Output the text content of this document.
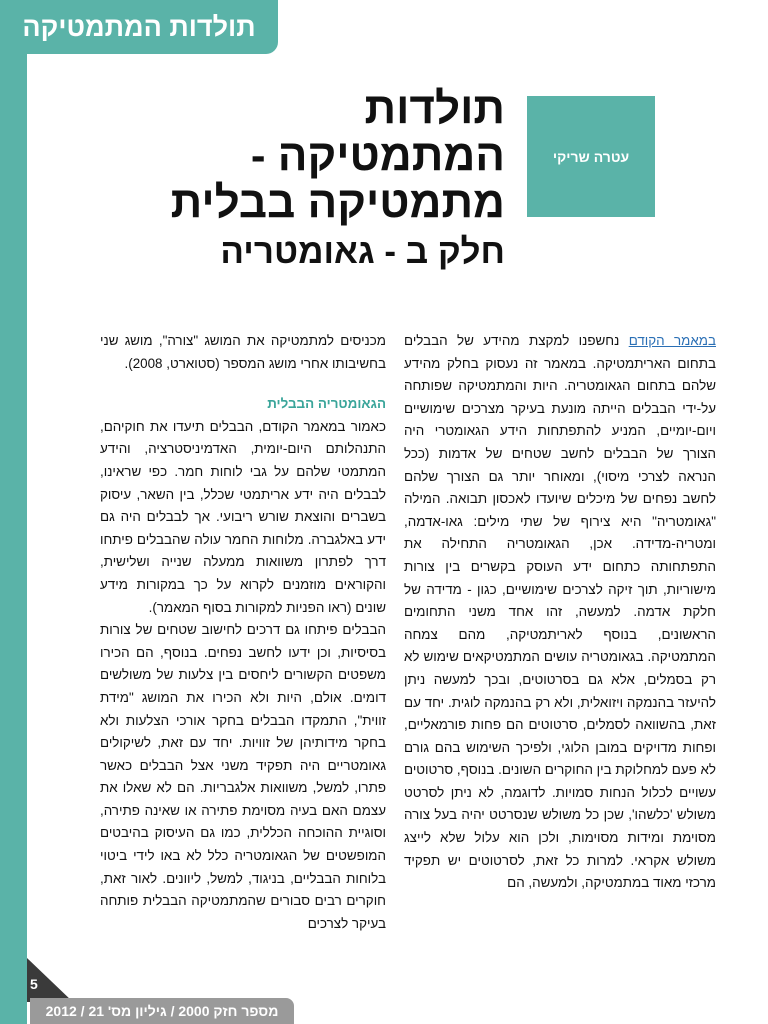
תולדות המתמטיקה
תולדות המתמטיקה - מתמטיקה בבלית
חלק ב - גאומטריה
עטרה שריקי

במאמר הקודם נחשפנו למקצת מהידע של הבבלים בתחום האריתמטיקה. במאמר זה נעסוק בחלק מהידע שלהם בתחום הגאומטריה. היות והמתמטיקה שפותחה על-ידי הבבלים הייתה מונעת בעיקר מצרכים שימושיים ויום-יומיים, המניע להתפתחות הידע הגאומטרי היה הצורך של הבבלים לחשב שטחים של אדמות (ככל הנראה לצרכי מיסוי), ומאוחר יותר גם הצורך שלהם לחשב נפחים של מיכלים שיועדו לאכסון תבואה. המילה "גאומטריה" היא צירוף של שתי מילים: גאו-אדמה, ומטריה-מדידה. אכן, הגאומטריה התחילה את התפתחותה כתחום ידע העוסק בקשרים בין צורות מישוריות, תוך זיקה לצרכים שימושיים, כגון - מדידה של חלקת אדמה. למעשה, זהו אחד משני התחומים הראשונים, בנוסף לאריתמטיקה, מהם צמחה המתמטיקה. בגאומטריה עושים המתמטיקאים שימוש לא רק בסמלים, אלא גם בסרטוטים, ובכך למעשה ניתן להיעזר בהנמקה ויזואלית, ולא רק בהנמקה לוגית. יחד עם זאת, בהשוואה לסמלים, סרטוטים הם פחות פורמאליים, ופחות מדויקים במובן הלוגי, ולפיכך השימוש בהם גורם לא פעם למחלוקת בין החוקרים השונים. בנוסף, סרטוטים עשויים לכלול הנחות סמויות. לדוגמה, לא ניתן לסרטט משולש 'כלשהו', שכן כל משולש שנסרטט יהיה בעל צורה מסוימת ומידות מסוימות, ולכן הוא עלול שלא לייצג משולש אקראי. למרות כל זאת, לסרטוטים יש תפקיד מרכזי מאוד במתמטיקה, ולמעשה, הם

מכניסים למתמטיקה את המושג "צורה", מושג שני בחשיבותו אחרי מושג המספר (סטוארט, 2008).

הגאומטריה הבבלית

כאמור במאמר הקודם, הבבלים תיעדו את חוקיהם, התנהלותם היום-יומית, האדמיניסטרציה, והידע המתמטי שלהם על גבי לוחות חמר. כפי שראינו, לבבלים היה ידע אריתמטי שכלל, בין השאר, עיסוק בשברים והוצאת שורש ריבועי. אך לבבלים היה גם ידע באלגברה. מלוחות החמר עולה שהבבלים פיתחו דרך לפתרון משוואות ממעלה שנייה ושלישית, והקוראים מוזמנים לקרוא על כך במקורות מידע שונים (ראו הפניות למקורות בסוף המאמר).

הבבלים פיתחו גם דרכים לחישוב שטחים של צורות בסיסיות, וכן ידעו לחשב נפחים. בנוסף, הם הכירו משפטים הקשורים ליחסים בין צלעות של משולשים דומים. אולם, היות ולא הכירו את המושג "מידת זווית", התמקדו הבבלים בחקר אורכי הצלעות ולא בחקר מידותיהן של זוויות. יחד עם זאת, לשיקולים גאומטריים היה תפקיד משני אצל הבבלים כאשר פתרו, למשל, משוואות אלגבריות. הם לא שאלו את עצמם האם בעיה מסוימת פתירה או שאינה פתירה, וסוגיית ההוכחה הכללית, כמו גם העיסוק בהיבטים המופשטים של הגאומטריה כלל לא באו לידי ביטוי בלוחות הבבליים, בניגוד, למשל, ליוונים. לאור זאת, חוקרים רבים סבורים שהמתמטיקה הבבלית פותחה בעיקר לצרכים

5
מספר חזק 2000 / גיליון מס' 21 / 2012
